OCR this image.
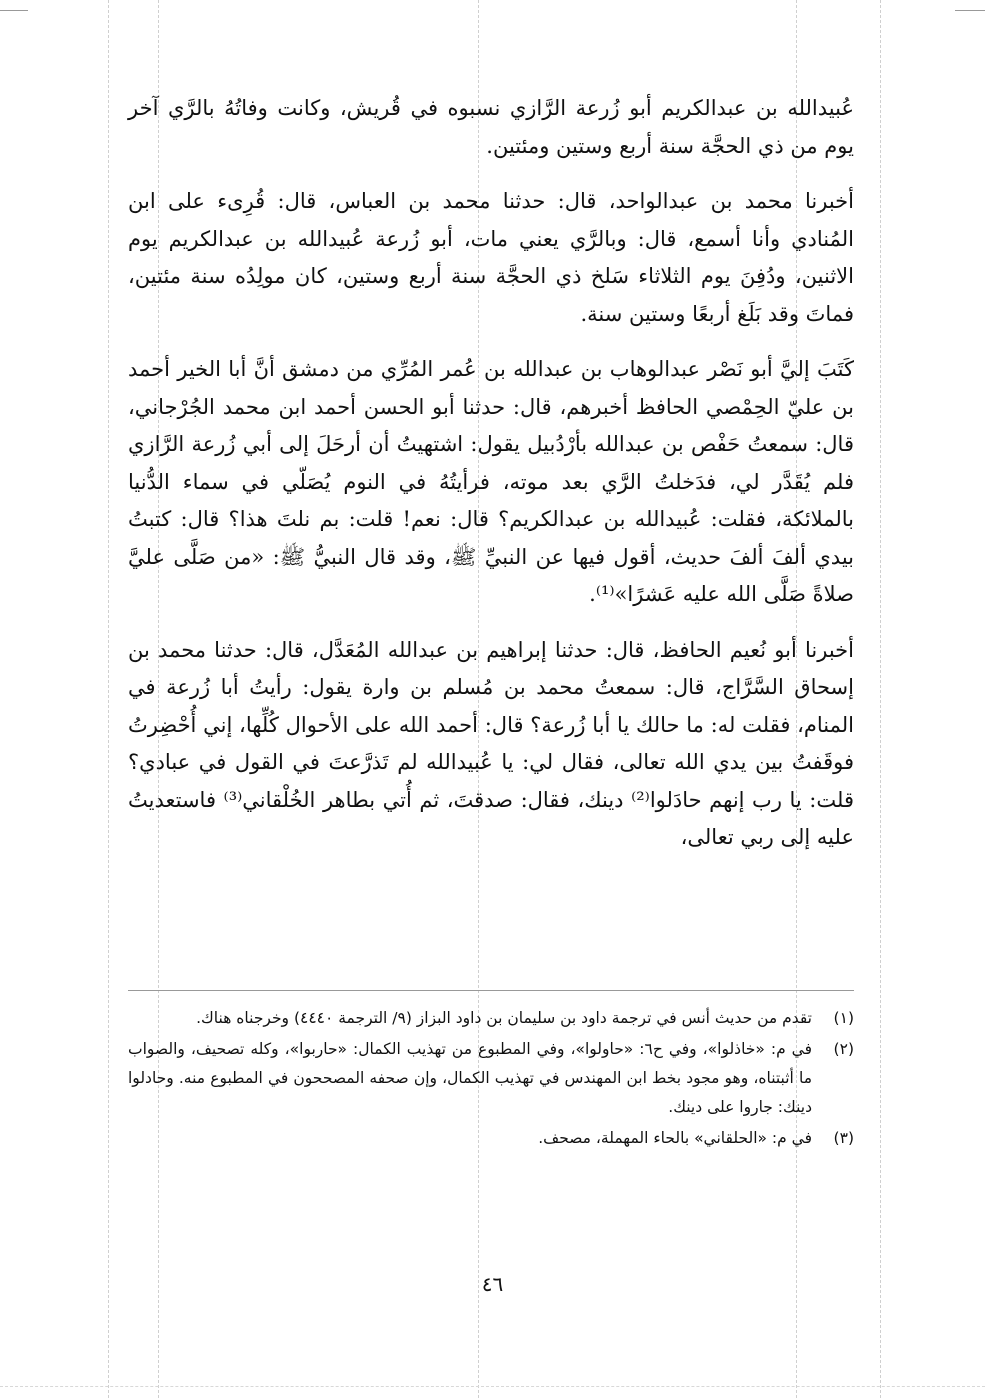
عُبيدالله بن عبدالكريم أبو زُرعة الرَّازي نسبوه في قُريش، وكانت وفاتُهُ بالرَّي آخر يوم من ذي الحجَّة سنة أربع وستين ومئتين.

أخبرنا محمد بن عبدالواحد، قال: حدثنا محمد بن العباس، قال: قُرِىء على ابن المُنادي وأنا أسمع، قال: وبالرَّي يعني مات، أبو زُرعة عُبيدالله بن عبدالكريم يوم الاثنين، ودُفِنَ يوم الثلاثاء سَلخ ذي الحجَّة سنة أربع وستين، كان مولِدُه سنة مئتين، فماتَ وقد بَلَغ أربعًا وستين سنة.

كَتَبَ إليَّ أبو نَصْر عبدالوهاب بن عبدالله بن عُمر المُرِّي من دمشق أنَّ أبا الخير أحمد بن عليّ الحِمْصي الحافظ أخبرهم، قال: حدثنا أبو الحسن أحمد ابن محمد الجُرْجاني، قال: سمعتُ حَفْص بن عبدالله بأرْدُبيل يقول: اشتهيتُ أن أرحَلَ إلى أبي زُرعة الرَّازي فلم يُقَدَّر لي، فدَخلتُ الرَّي بعد موته، فرأيتُهُ في النوم يُصَلّي في سماء الدُّنيا بالملائكة، فقلت: عُبيدالله بن عبدالكريم؟ قال: نعم! قلت: بم نلتَ هذا؟ قال: كتبتُ بيدي ألفَ ألفَ حديث، أقول فيها عن النبيِّ ﷺ، وقد قال النبيُّ ﷺ: «من صَلَّى عليَّ صلاةً صَلَّى الله عليه عَشرًا»⁽¹⁾.

أخبرنا أبو نُعيم الحافظ، قال: حدثنا إبراهيم بن عبدالله المُعَدَّل، قال: حدثنا محمد بن إسحاق السَّرَّاج، قال: سمعتُ محمد بن مُسلم بن وارة يقول: رأيتُ أبا زُرعة في المنام، فقلت له: ما حالك يا أبا زُرعة؟ قال: أحمد الله على الأحوال كُلِّها، إني أُحْضِرتُ فوقَفتُ بين يدي الله تعالى، فقال لي: يا عُبيدالله لم تَذرَّعتَ في القول في عبادي؟ قلت: يا رب إنهم حادَلوا⁽²⁾ دينك، فقال: صدقتَ، ثم أُتي بطاهر الخُلْقاني⁽³⁾ فاستعديتُ عليه إلى ربي تعالى،

(١)
تقدم من حديث أنس في ترجمة داود بن سليمان بن داود البزاز (٩/ الترجمة ٤٤٤٠) وخرجناه هناك.
(٢)
في م: «خاذلوا»، وفي ح٦: «حاولوا»، وفي المطبوع من تهذيب الكمال: «حاربوا»، وكله تصحيف، والصواب ما أثبتناه، وهو مجود بخط ابن المهندس في تهذيب الكمال، وإن صحفه المصححون في المطبوع منه. وحادلوا دينك: جاروا على دينك.
(٣)
في م: «الحلقاني» بالحاء المهملة، مصحف.
٤٦
